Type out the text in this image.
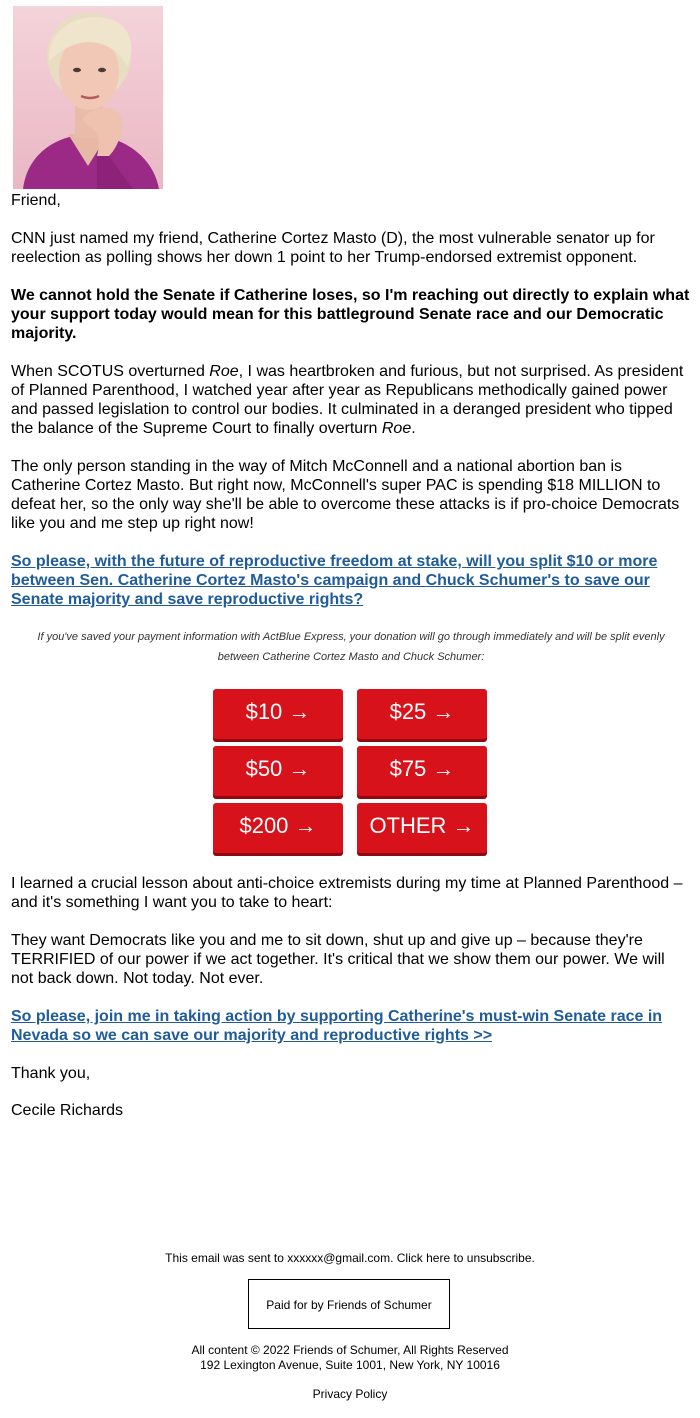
Friend,

CNN just named my friend, Catherine Cortez Masto (D), the most vulnerable senator up for reelection as polling shows her down 1 point to her Trump-endorsed extremist opponent.

We cannot hold the Senate if Catherine loses, so I'm reaching out directly to explain what your support today would mean for this battleground Senate race and our Democratic majority.

When SCOTUS overturned Roe, I was heartbroken and furious, but not surprised. As president of Planned Parenthood, I watched year after year as Republicans methodically gained power and passed legislation to control our bodies. It culminated in a deranged president who tipped the balance of the Supreme Court to finally overturn Roe.

The only person standing in the way of Mitch McConnell and a national abortion ban is Catherine Cortez Masto. But right now, McConnell's super PAC is spending $18 MILLION to defeat her, so the only way she'll be able to overcome these attacks is if pro-choice Democrats like you and me step up right now!

So please, with the future of reproductive freedom at stake, will you split $10 or more between Sen. Catherine Cortez Masto's campaign and Chuck Schumer's to save our Senate majority and save reproductive rights?

If you've saved your payment information with ActBlue Express, your donation will go through immediately and will be split evenly between Catherine Cortez Masto and Chuck Schumer:

$10 →	$25 →
$50 →	$75 →
$200 →	OTHER →

I learned a crucial lesson about anti-choice extremists during my time at Planned Parenthood – and it's something I want you to take to heart:

They want Democrats like you and me to sit down, shut up and give up – because they're TERRIFIED of our power if we act together. It's critical that we show them our power. We will not back down. Not today. Not ever.

So please, join me in taking action by supporting Catherine's must-win Senate race in Nevada so we can save our majority and reproductive rights >>

Thank you,

Cecile Richards

This email was sent to xxxxxx@gmail.com. Click here to unsubscribe.
Paid for by Friends of Schumer
All content © 2022 Friends of Schumer, All Rights Reserved
192 Lexington Avenue, Suite 1001, New York, NY 10016
Privacy Policy
